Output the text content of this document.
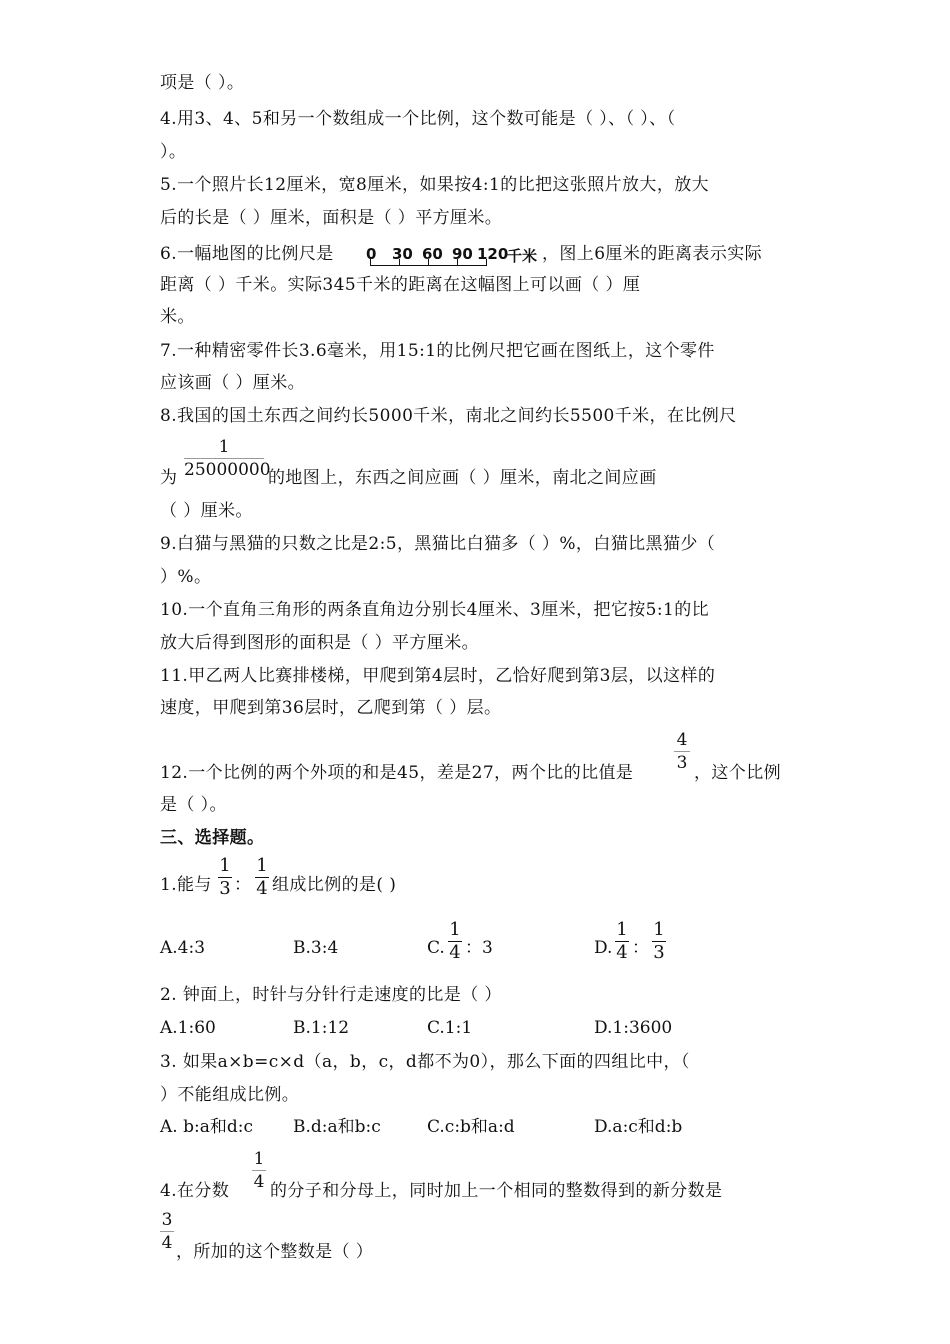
项是（ ）。
4.用3、4、5和另一个数组成一个比例，这个数可能是（ ）、（ ）、（
）。
5.一个照片长12厘米，宽8厘米，如果按4:1的比把这张照片放大，放大
后的长是（ ）厘米，面积是（ ）平方厘米。
6.一幅地图的比例尺是 0 30 60 90 120
千米 ，图上6厘米的距离表示实际
距离（ ）千米。实际345千米的距离在这幅图上可以画（ ）厘
米。
7.一种精密零件长3.6毫米，用15:1的比例尺把它画在图纸上，这个零件
应该画（ ）厘米。
8.我国的国土东西之间约长5000千米，南北之间约长5500千米，在比例尺
为
1
25000000
的地图上，东西之间应画（ ）厘米，南北之间应画
（ ）厘米。
9.白猫与黑猫的只数之比是2:5，黑猫比白猫多（ ）%，白猫比黑猫少（
）%。
10.一个直角三角形的两条直角边分别长4厘米、3厘米，把它按5:1的比
放大后得到图形的面积是（ ）平方厘米。
11.甲乙两人比赛排楼梯，甲爬到第4层时，乙恰好爬到第3层，以这样的
速度，甲爬到第36层时，乙爬到第（ ）层。
12.一个比例的两个外项的和是45，差是27，两个比的比值是
4
3 ，这个比例
是（ ）。
三、选择题。
1.能与
1
3 ：
1
4 组成比例的是( )
A.4:3	B.3:4	C.
1
4 ：3	D.
1
4 ：
1
3
2. 钟面上，时针与分针行走速度的比是（ ）
A.1:60	B.1:12	C.1:1	D.1:3600
3. 如果a×b=c×d（a，b，c，d都不为0），那么下面的四组比中，（
）不能组成比例。
A. b:a和d:c B.d:a和b:c	C.c:b和a:d	D.a:c和d:b
4.在分数
1
4 的分子和分母上，同时加上一个相同的整数得到的新分数是
3
4 ，所加的这个整数是（ ）
